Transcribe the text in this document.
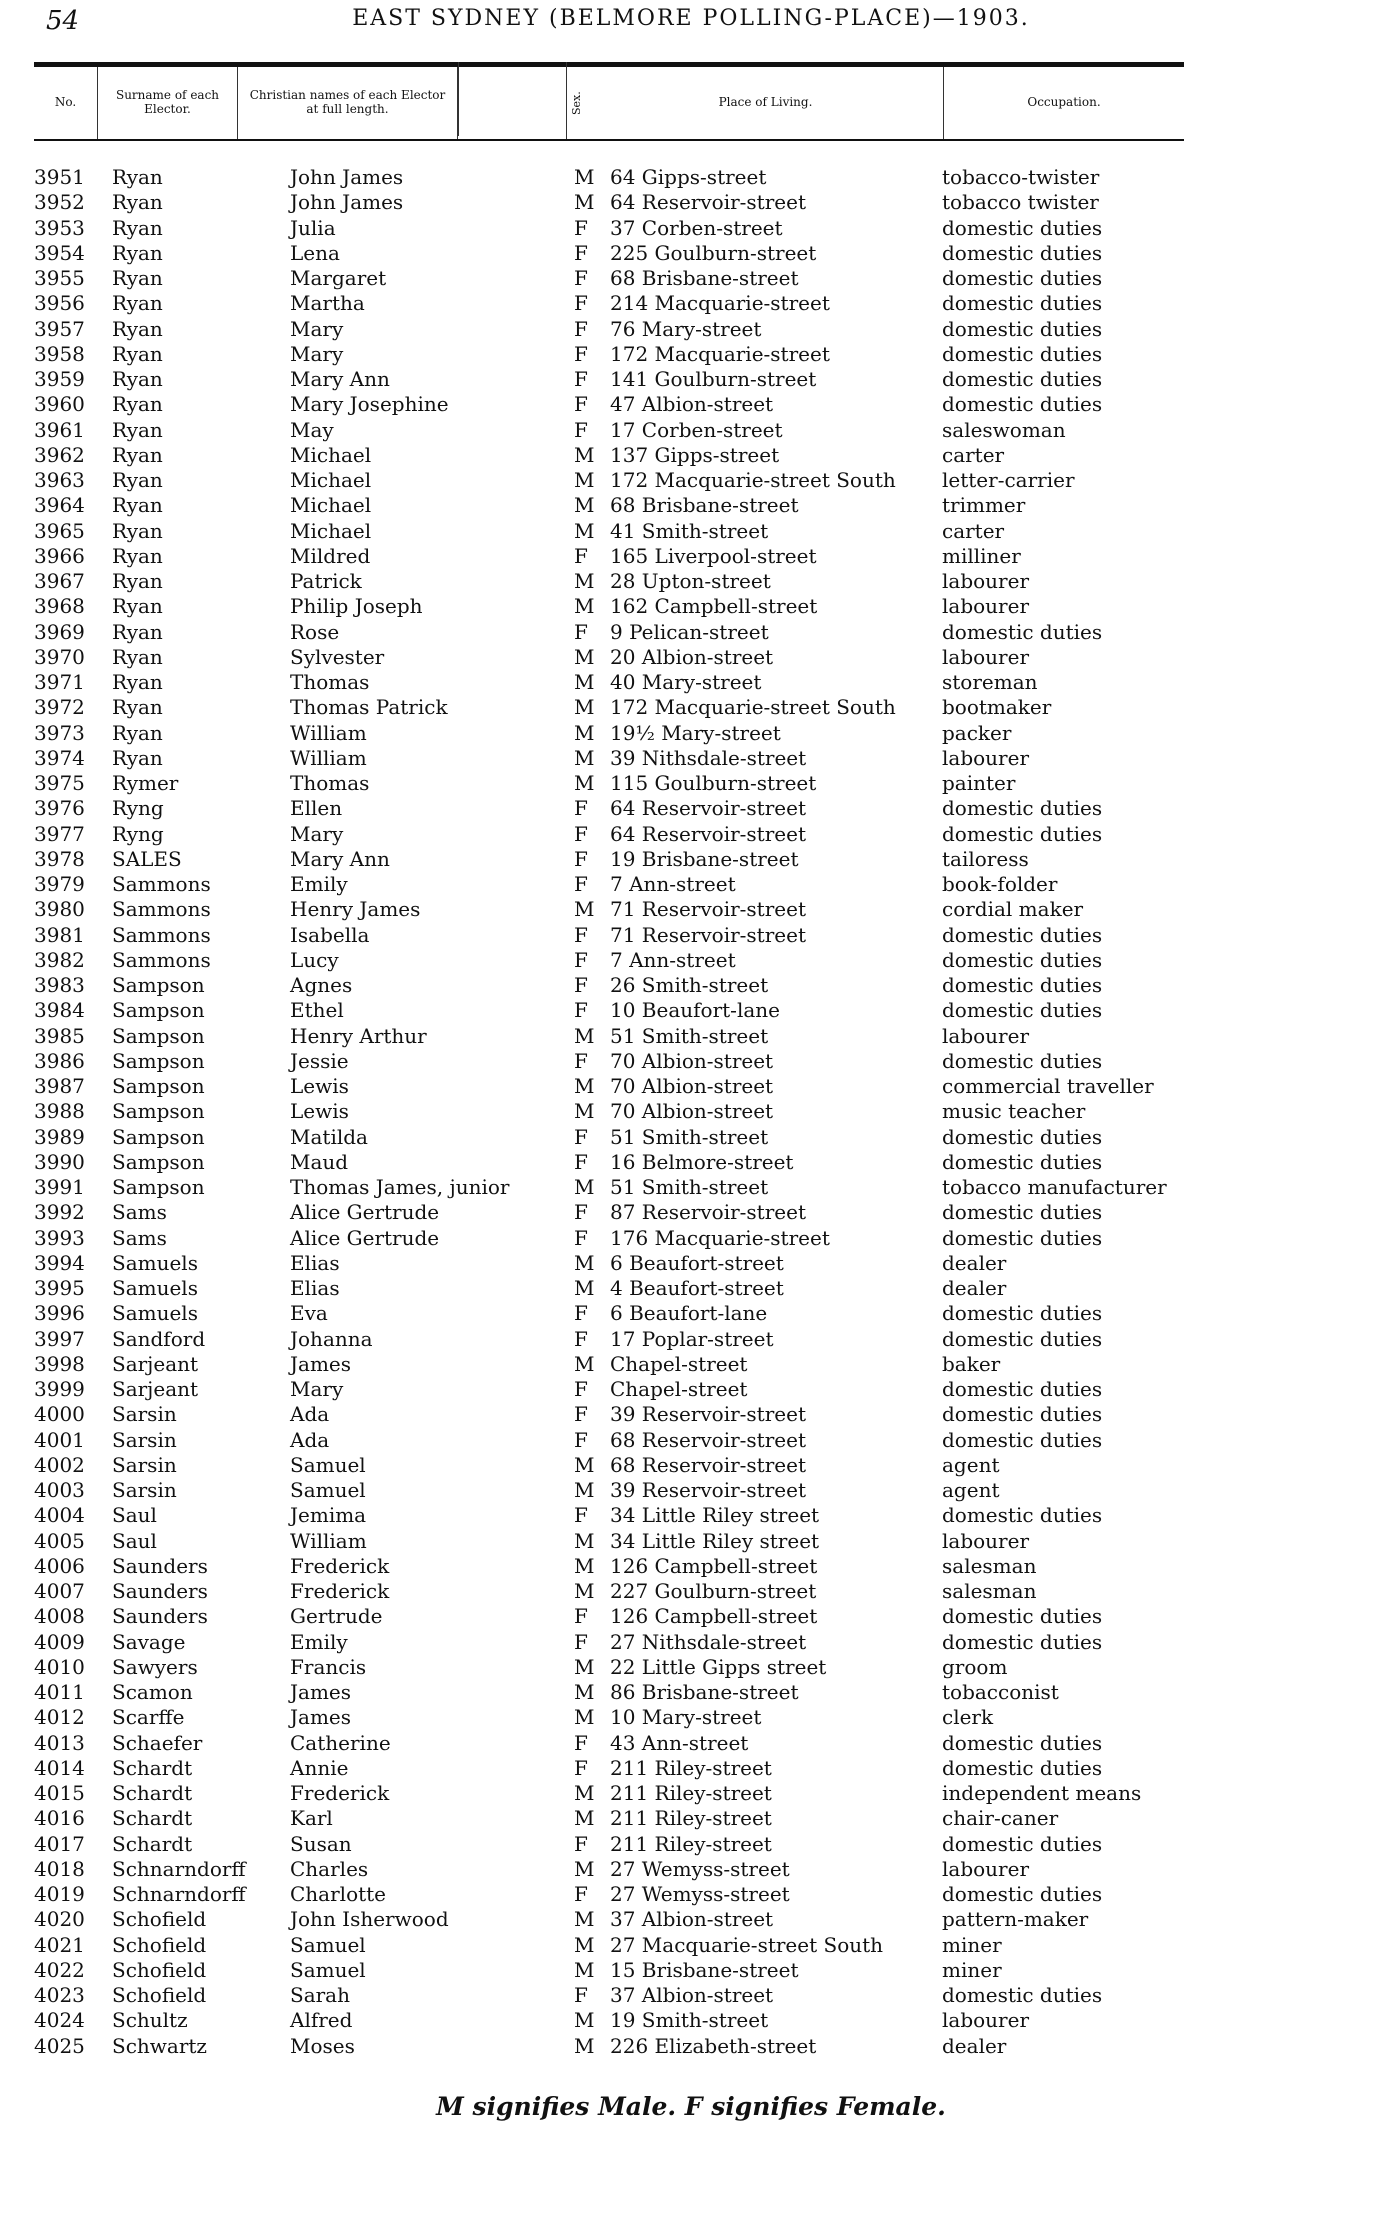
54	EAST SYDNEY (BELMORE POLLING-PLACE)—1903.
No.	Surname of each Elector.
Christian names of each Elector at full length.	Sex.	Place of Living.	Occupation.
3951	Ryan	John James	M 64 Gipps-street	tobacco-twister
3952	Ryan	John James	M 64 Reservoir-street	tobacco twister
3953	Ryan	Julia	F	37 Corben-street	domestic duties
3954	Ryan	Lena	F	225 Goulburn-street	domestic duties
3955	Ryan	Margaret	F	68 Brisbane-street	domestic duties
3956	Ryan	Martha	F	214 Macquarie-street	domestic duties
3957	Ryan	Mary	F	76 Mary-street	domestic duties
3958	Ryan	Mary	F	172 Macquarie-street	domestic duties
3959	Ryan	Mary Ann	F	141 Goulburn-street	domestic duties
3960	Ryan	Mary Josephine	F	47 Albion-street	domestic duties
3961	Ryan	May	F	17 Corben-street	saleswoman
3962	Ryan	Michael	M 137 Gipps-street	carter
3963	Ryan	Michael	M 172 Macquarie-street South	letter-carrier
3964	Ryan	Michael	M 68 Brisbane-street	trimmer
3965	Ryan	Michael	M 41 Smith-street	carter
3966	Ryan	Mildred	F	165 Liverpool-street	milliner
3967	Ryan	Patrick	M 28 Upton-street	labourer
3968	Ryan	Philip Joseph	M 162 Campbell-street	labourer
3969	Ryan	Rose	F	9 Pelican-street	domestic duties
3970	Ryan	Sylvester	M 20 Albion-street	labourer
3971	Ryan	Thomas	M 40 Mary-street	storeman
3972	Ryan	Thomas Patrick	M 172 Macquarie-street South	bootmaker
3973	Ryan	William	M 19½ Mary-street	packer
3974	Ryan	William	M 39 Nithsdale-street	labourer
3975	Rymer	Thomas	M 115 Goulburn-street	painter
3976	Ryng	Ellen	F	64 Reservoir-street	domestic duties
3977	Ryng	Mary	F	64 Reservoir-street	domestic duties
3978	SALES	Mary Ann	F	19 Brisbane-street	tailoress
3979	Sammons	Emily	F	7 Ann-street	book-folder
3980	Sammons	Henry James	M 71 Reservoir-street	cordial maker
3981	Sammons	Isabella	F	71 Reservoir-street	domestic duties
3982	Sammons	Lucy	F	7 Ann-street	domestic duties
3983	Sampson	Agnes	F	26 Smith-street	domestic duties
3984	Sampson	Ethel	F	10 Beaufort-lane	domestic duties
3985	Sampson	Henry Arthur	M 51 Smith-street	labourer
3986	Sampson	Jessie	F	70 Albion-street	domestic duties
3987	Sampson	Lewis	M 70 Albion-street	commercial traveller
3988	Sampson	Lewis	M 70 Albion-street	music teacher
3989	Sampson	Matilda	F	51 Smith-street	domestic duties
3990	Sampson	Maud	F	16 Belmore-street	domestic duties
3991	Sampson	Thomas James, junior	M 51 Smith-street	tobacco manufacturer
3992	Sams	Alice Gertrude	F	87 Reservoir-street	domestic duties
3993	Sams	Alice Gertrude	F	176 Macquarie-street	domestic duties
3994	Samuels	Elias	M 6 Beaufort-street	dealer
3995	Samuels	Elias	M 4 Beaufort-street	dealer
3996	Samuels	Eva	F	6 Beaufort-lane	domestic duties
3997	Sandford	Johanna	F	17 Poplar-street	domestic duties
3998	Sarjeant	James	M Chapel-street	baker
3999	Sarjeant	Mary	F	Chapel-street	domestic duties
4000	Sarsin	Ada	F	39 Reservoir-street	domestic duties
4001	Sarsin	Ada	F	68 Reservoir-street	domestic duties
4002	Sarsin	Samuel	M 68 Reservoir-street	agent
4003	Sarsin	Samuel	M 39 Reservoir-street	agent
4004	Saul	Jemima	F	34 Little Riley street	domestic duties
4005	Saul	William	M 34 Little Riley street	labourer
4006	Saunders	Frederick	M 126 Campbell-street	salesman
4007	Saunders	Frederick	M 227 Goulburn-street	salesman
4008	Saunders	Gertrude	F	126 Campbell-street	domestic duties
4009	Savage	Emily	F	27 Nithsdale-street	domestic duties
4010	Sawyers	Francis	M 22 Little Gipps street	groom
4011	Scamon	James	M 86 Brisbane-street	tobacconist
4012	Scarffe	James	M 10 Mary-street	clerk
4013	Schaefer	Catherine	F	43 Ann-street	domestic duties
4014	Schardt	Annie	F	211 Riley-street	domestic duties
4015	Schardt	Frederick	M 211 Riley-street	independent means
4016	Schardt	Karl	M 211 Riley-street	chair-caner
4017	Schardt	Susan	F	211 Riley-street	domestic duties
4018	Schnarndorff	Charles	M 27 Wemyss-street	labourer
4019	Schnarndorff	Charlotte	F	27 Wemyss-street	domestic duties
4020	Schofield	John Isherwood	M 37 Albion-street	pattern-maker
4021	Schofield	Samuel	M 27 Macquarie-street South	miner
4022	Schofield	Samuel	M 15 Brisbane-street	miner
4023	Schofield	Sarah	F	37 Albion-street	domestic duties
4024	Schultz	Alfred	M 19 Smith-street	labourer
4025	Schwartz	Moses	M 226 Elizabeth-street	dealer
M signifies Male. F signifies Female.
